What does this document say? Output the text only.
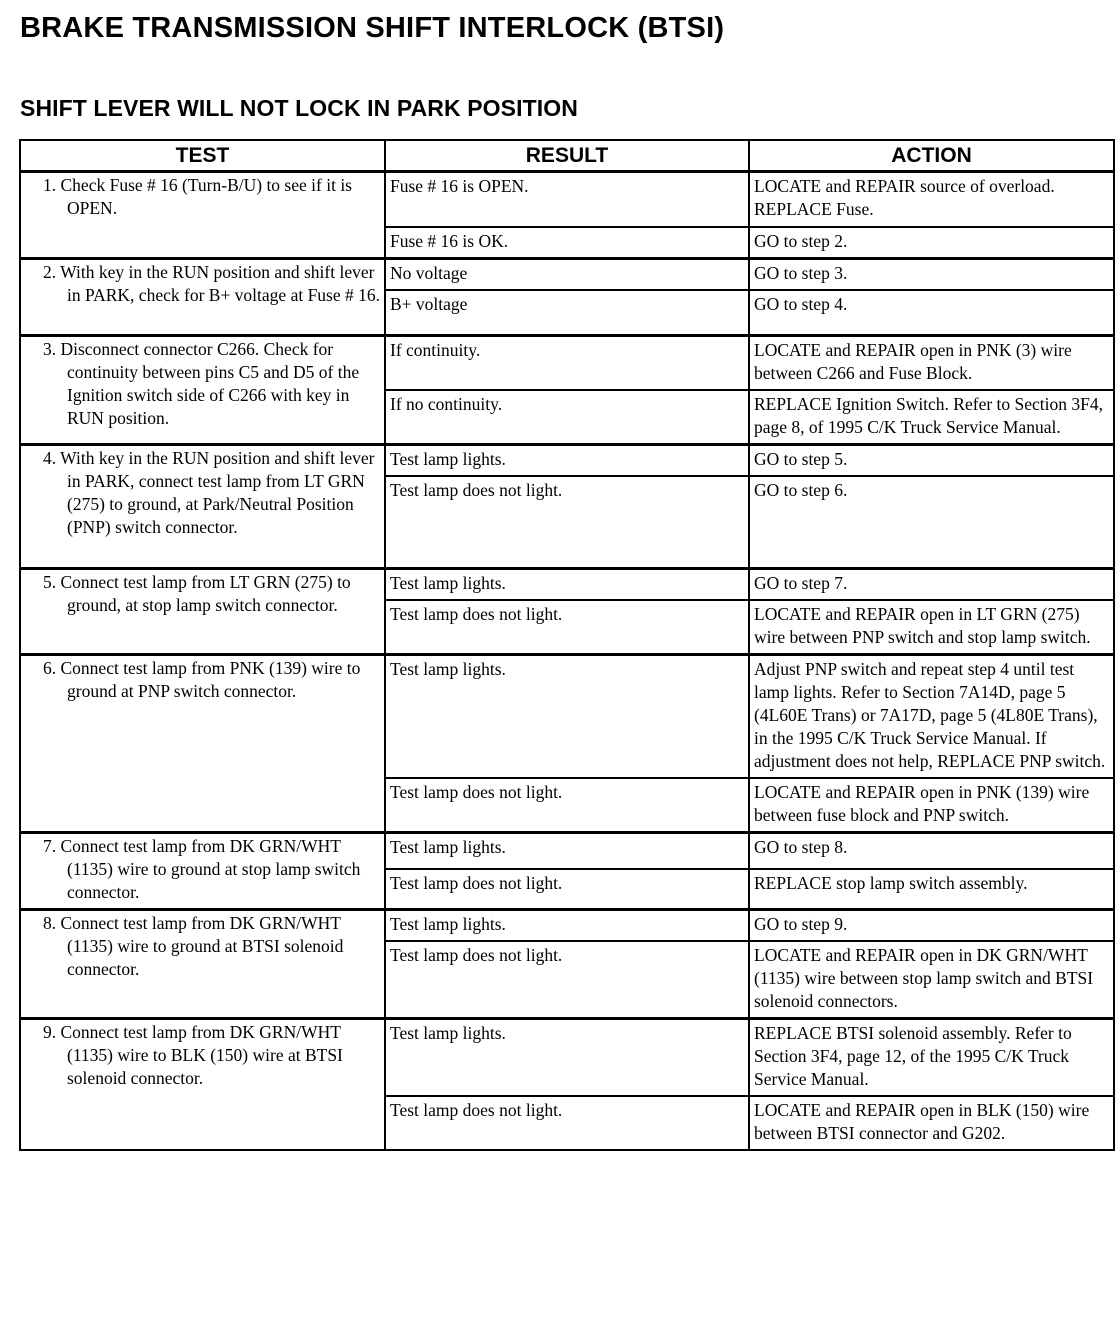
BRAKE TRANSMISSION SHIFT INTERLOCK (BTSI)
SHIFT LEVER WILL NOT LOCK IN PARK POSITION
TEST	RESULT	ACTION
1. Check Fuse # 16 (Turn-B/U) to see if it is OPEN.	Fuse # 16 is OPEN.	LOCATE and REPAIR source of overload. REPLACE Fuse.
	Fuse # 16 is OK.	GO to step 2.
2. With key in the RUN position and shift lever in PARK, check for B+ voltage at Fuse # 16.	No voltage	GO to step 3.
	B+ voltage	GO to step 4.
3. Disconnect connector C266. Check for continuity between pins C5 and D5 of the Ignition switch side of C266 with key in RUN position.	If continuity.	LOCATE and REPAIR open in PNK (3) wire between C266 and Fuse Block.
	If no continuity.	REPLACE Ignition Switch. Refer to Section 3F4, page 8, of 1995 C/K Truck Service Manual.
4. With key in the RUN position and shift lever in PARK, connect test lamp from LT GRN (275) to ground, at Park/Neutral Position (PNP) switch connector.	Test lamp lights.	GO to step 5.
	Test lamp does not light.	GO to step 6.
5. Connect test lamp from LT GRN (275) to ground, at stop lamp switch connector.	Test lamp lights.	GO to step 7.
	Test lamp does not light.	LOCATE and REPAIR open in LT GRN (275) wire between PNP switch and stop lamp switch.
6. Connect test lamp from PNK (139) wire to ground at PNP switch connector.	Test lamp lights.	Adjust PNP switch and repeat step 4 until test lamp lights. Refer to Section 7A14D, page 5 (4L60E Trans) or 7A17D, page 5 (4L80E Trans), in the 1995 C/K Truck Service Manual. If adjustment does not help, REPLACE PNP switch.
	Test lamp does not light.	LOCATE and REPAIR open in PNK (139) wire between fuse block and PNP switch.
7. Connect test lamp from DK GRN/WHT (1135) wire to ground at stop lamp switch connector.	Test lamp lights.	GO to step 8.
	Test lamp does not light.	REPLACE stop lamp switch assembly.
8. Connect test lamp from DK GRN/WHT (1135) wire to ground at BTSI solenoid connector.	Test lamp lights.	GO to step 9.
	Test lamp does not light.	LOCATE and REPAIR open in DK GRN/WHT (1135) wire between stop lamp switch and BTSI solenoid connectors.
9. Connect test lamp from DK GRN/WHT (1135) wire to BLK (150) wire at BTSI solenoid connector.	Test lamp lights.	REPLACE BTSI solenoid assembly. Refer to Section 3F4, page 12, of the 1995 C/K Truck Service Manual.
	Test lamp does not light.	LOCATE and REPAIR open in BLK (150) wire between BTSI connector and G202.
